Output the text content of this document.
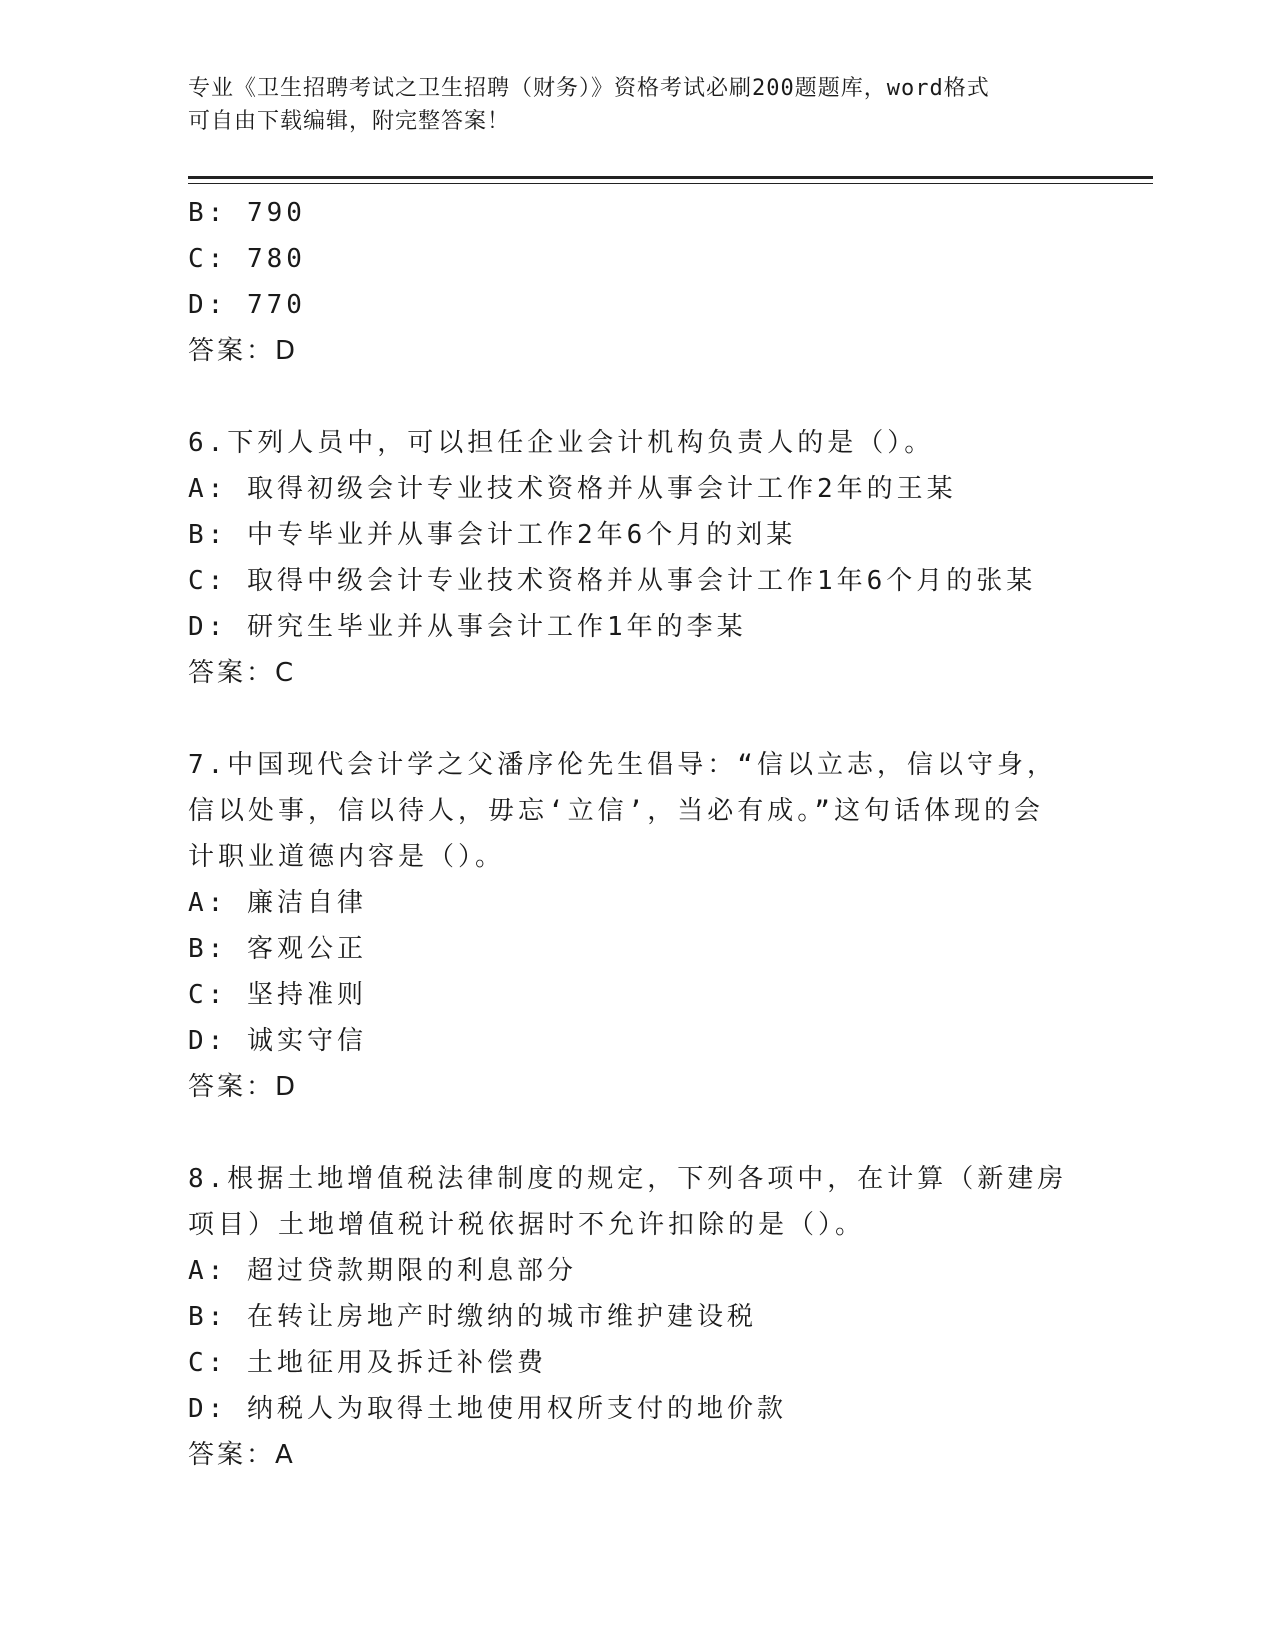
专业《卫生招聘考试之卫生招聘（财务）》资格考试必刷200题题库，word格式
可自由下载编辑，附完整答案！
B: 790
C: 780
D: 770
答案：D
6.下列人员中，可以担任企业会计机构负责人的是（）。
A: 取得初级会计专业技术资格并从事会计工作2年的王某
B: 中专毕业并从事会计工作2年6个月的刘某
C: 取得中级会计专业技术资格并从事会计工作1年6个月的张某
D: 研究生毕业并从事会计工作1年的李某
答案：C
7.中国现代会计学之父潘序伦先生倡导：“信以立志，信以守身，信以处事，信以待人，毋忘‘立信’，当必有成。”这句话体现的会计职业道德内容是（）。
A: 廉洁自律
B: 客观公正
C: 坚持准则
D: 诚实守信
答案：D
8.根据土地增值税法律制度的规定，下列各项中，在计算（新建房项目）土地增值税计税依据时不允许扣除的是（）。
A: 超过贷款期限的利息部分
B: 在转让房地产时缴纳的城市维护建设税
C: 土地征用及拆迁补偿费
D: 纳税人为取得土地使用权所支付的地价款
答案：A
